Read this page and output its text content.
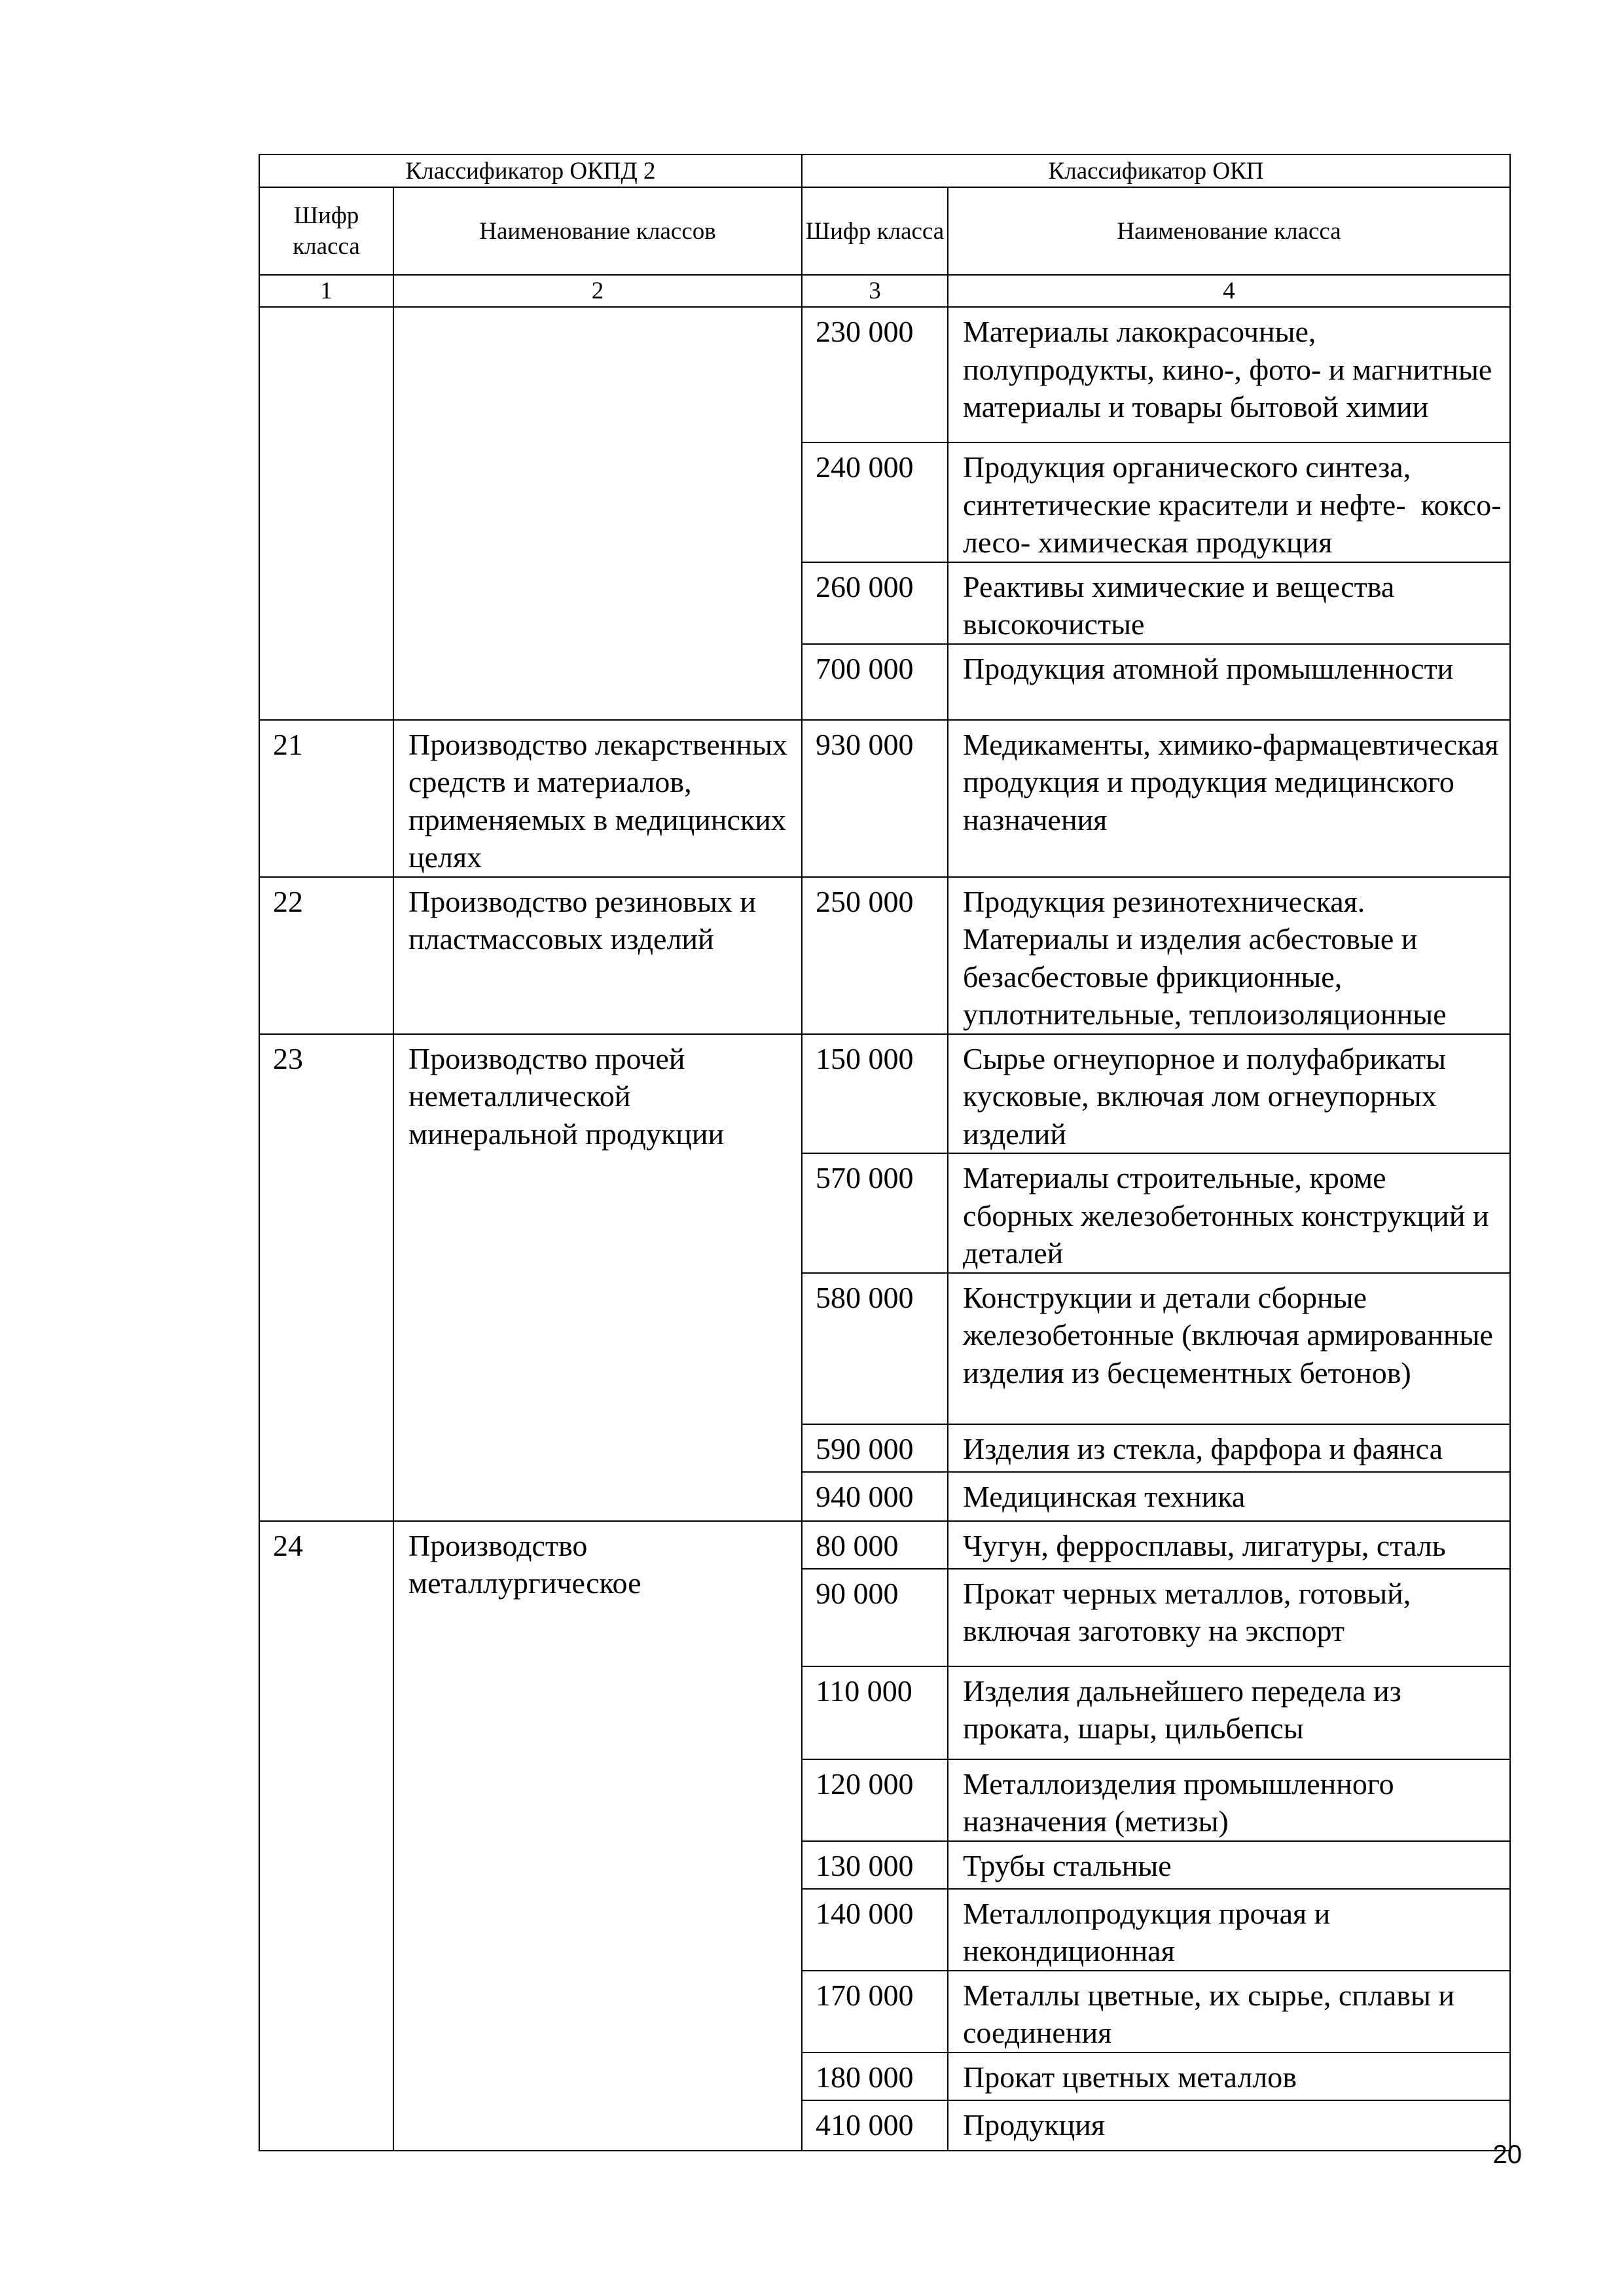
Классификатор ОКПД 2		Классификатор ОКП	
Шифр класса	Наименование классов	Шифр класса	Наименование класса
1	2	3	4
		230 000	Материалы лакокрасочные, полупродукты, кино-, фото- и магнитные материалы и товары бытовой химии
		240 000	Продукция органического синтеза, синтетические красители и нефте-  коксо- лесо- химическая продукция
		260 000	Реактивы химические и вещества высокочистые
		700 000	Продукция атомной промышленности
21	Производство лекарственных средств и материалов, применяемых в медицинских целях	930 000	Медикаменты, химико-фармацевтическая продукция и продукция медицинского назначения
22	Производство резиновых и пластмассовых изделий	250 000	Продукция резинотехническая. Материалы и изделия асбестовые и безасбестовые фрикционные, уплотнительные, теплоизоляционные
23	Производство прочей неметаллической минеральной продукции	150 000	Сырье огнеупорное и полуфабрикаты кусковые, включая лом огнеупорных изделий
		570 000	Материалы строительные, кроме сборных железобетонных конструкций и деталей
		580 000	Конструкции и детали сборные железобетонные (включая армированные изделия из бесцементных бетонов)
		590 000	Изделия из стекла, фарфора и фаянса
		940 000	Медицинская техника
24	Производство металлургическое	80 000	Чугун, ферросплавы, лигатуры, сталь
		90 000	Прокат черных металлов, готовый, включая заготовку на экспорт
		110 000	Изделия дальнейшего передела из проката, шары, цильбепсы
		120 000	Металлоизделия промышленного назначения (метизы)
		130 000	Трубы стальные
		140 000	Металлопродукция прочая и некондиционная
		170 000	Металлы цветные, их сырье, сплавы и соединения
		180 000	Прокат цветных металлов
		410 000	Продукция
20
